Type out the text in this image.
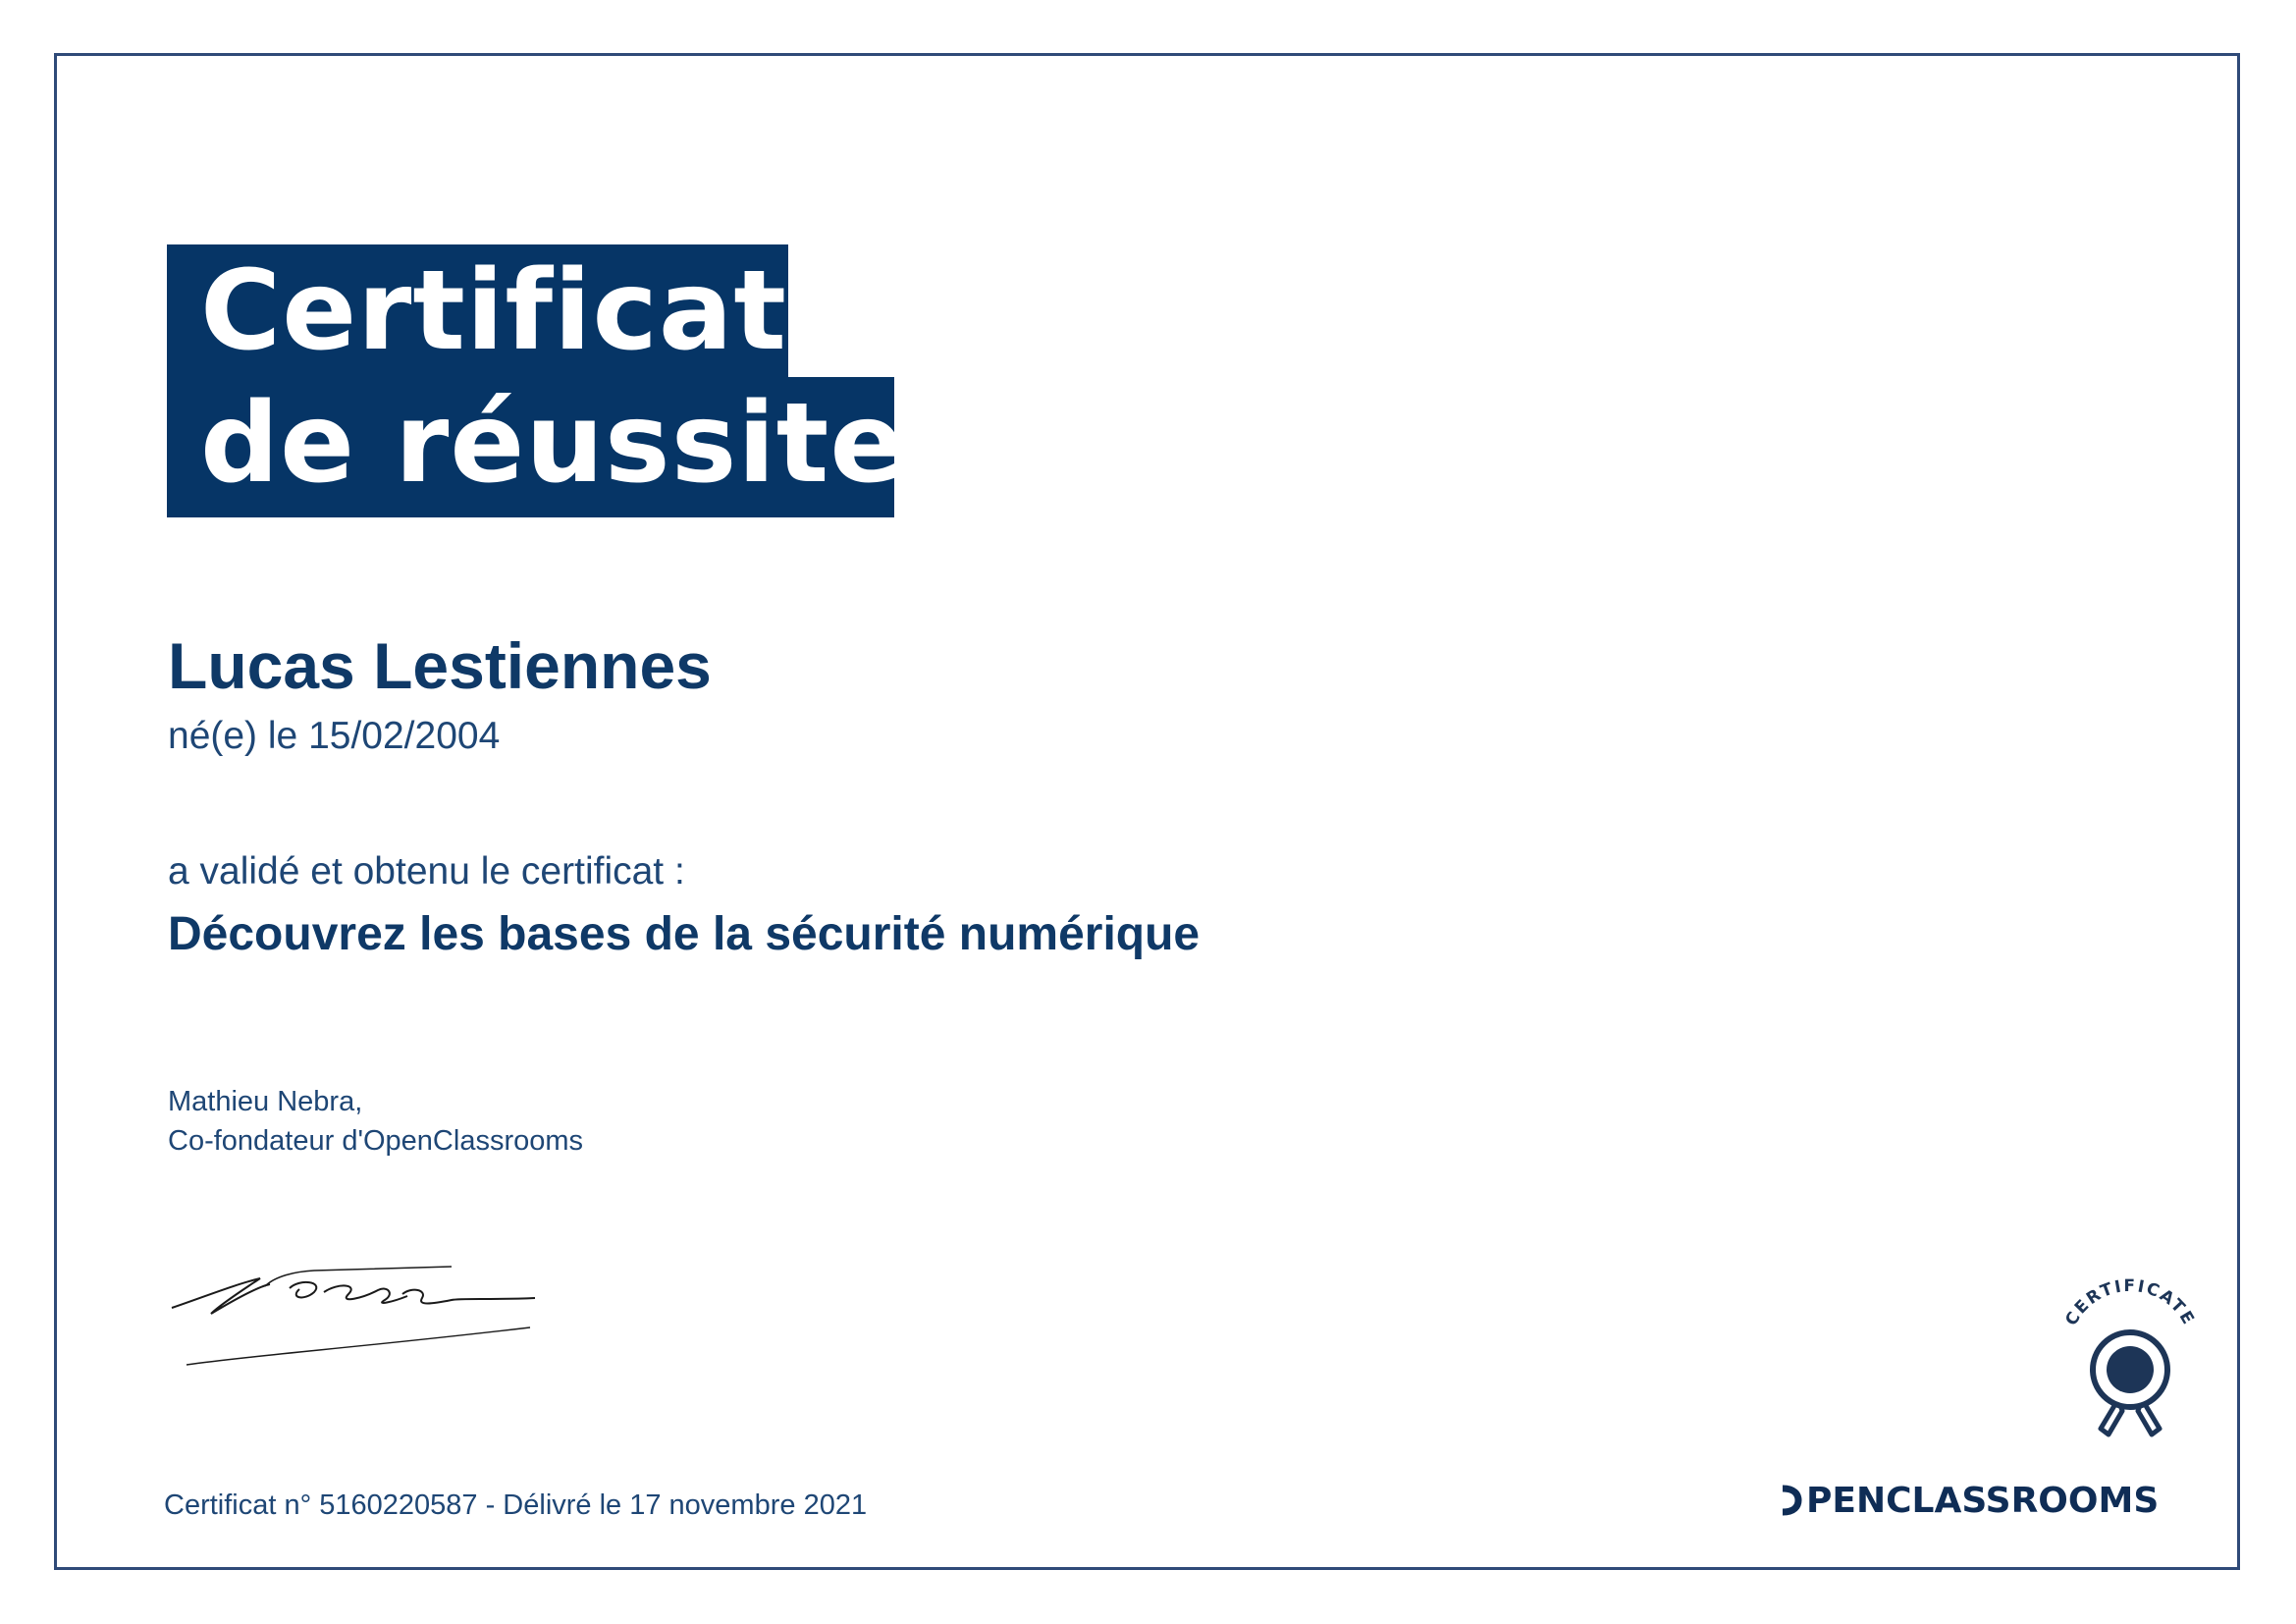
Certificat
de réussite
Lucas Lestiennes
né(e) le 15/02/2004
a validé et obtenu le certificat :
Découvrez les bases de la sécurité numérique
Mathieu Nebra,
Co-fondateur d'OpenClassrooms
Certificat n° 5160220587 - Délivré le 17 novembre 2021
CERTIFICATE
PENCLASSROOMS
